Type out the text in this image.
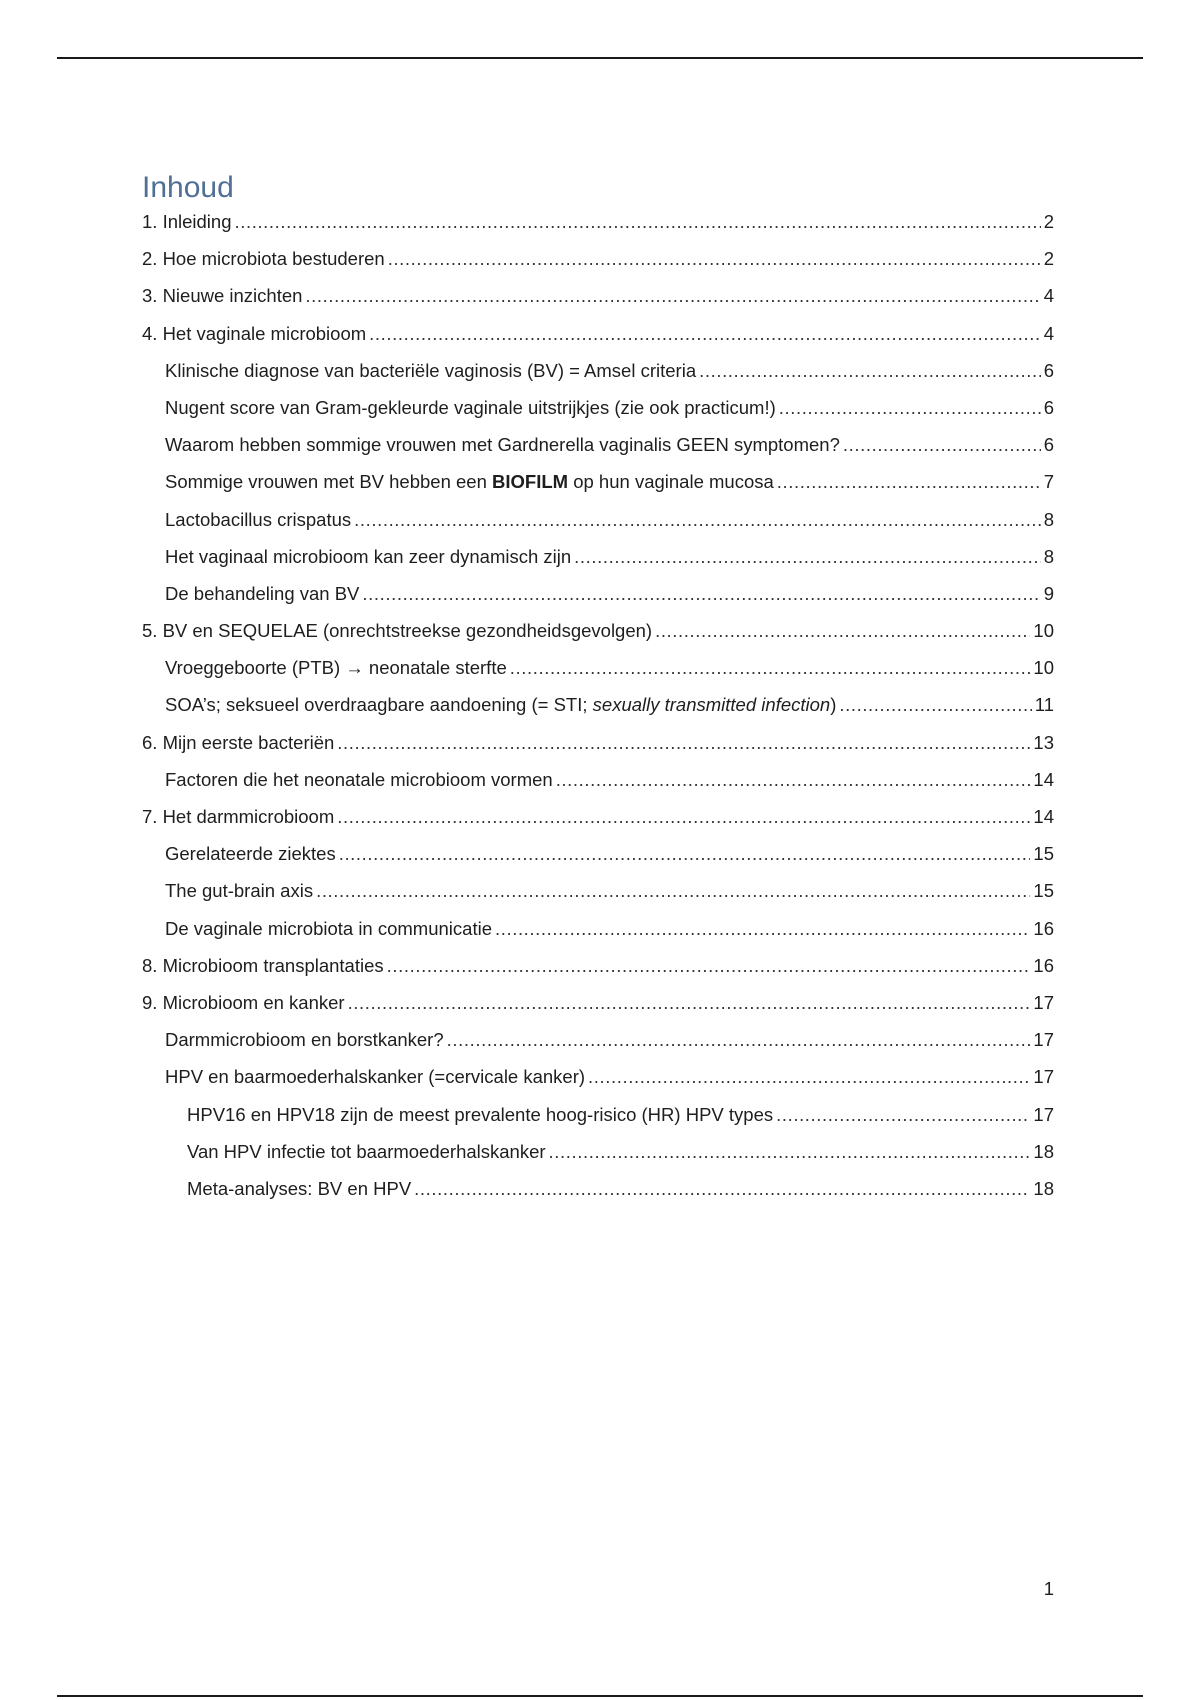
Inhoud
1. Inleiding .....	2
2. Hoe microbiota bestuderen .....	2
3. Nieuwe inzichten .....	4
4. Het vaginale microbioom .....	4
Klinische diagnose van bacteriële vaginosis (BV) = Amsel criteria .....	6
Nugent score van Gram-gekleurde vaginale uitstrijkjes (zie ook practicum!) .....	6
Waarom hebben sommige vrouwen met Gardnerella vaginalis GEEN symptomen? .....	6
Sommige vrouwen met BV hebben een BIOFILM op hun vaginale mucosa .....	7
Lactobacillus crispatus .....	8
Het vaginaal microbioom kan zeer dynamisch zijn .....	8
De behandeling van BV .....	9
5. BV en SEQUELAE (onrechtstreekse gezondheidsgevolgen) .....	10
Vroeggeboorte (PTB) → neonatale sterfte .....	10
SOA’s; seksueel overdraagbare aandoening (= STI; sexually transmitted infection) .....	11
6. Mijn eerste bacteriën .....	13
Factoren die het neonatale microbioom vormen .....	14
7. Het darmmicrobioom .....	14
Gerelateerde ziektes .....	15
The gut-brain axis .....	15
De vaginale microbiota in communicatie .....	16
8. Microbioom transplantaties .....	16
9. Microbioom en kanker .....	17
Darmmicrobioom en borstkanker? .....	17
HPV en baarmoederhalskanker (=cervicale kanker) .....	17
HPV16 en HPV18 zijn de meest prevalente hoog-risico (HR) HPV types .....	17
Van HPV infectie tot baarmoederhalskanker .....	18
Meta-analyses: BV en HPV .....	18
1
